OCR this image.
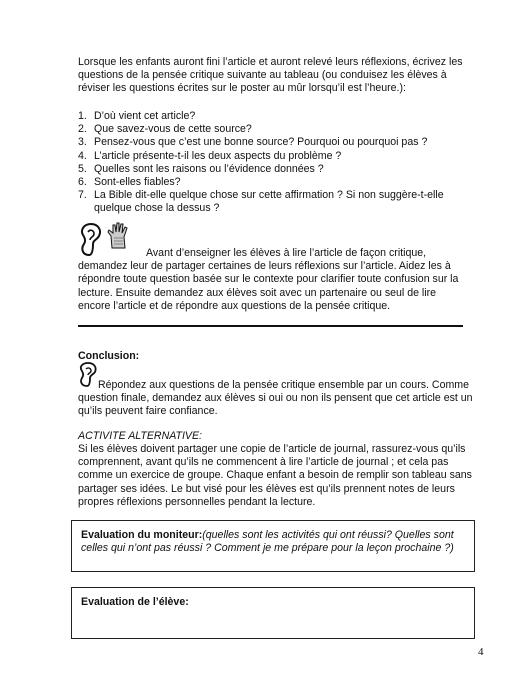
Lorsque les enfants auront fini l’article et auront relevé leurs réflexions, écrivez les questions de la pensée critique suivante au tableau (ou conduisez les élèves à réviser les questions écrites sur le poster au mûr lorsqu’il est l’heure.):

1. D’où vient cet article?
2. Que savez-vous de cette source?
3. Pensez-vous que c’est une bonne source? Pourquoi ou pourquoi pas ?
4. L’article présente-t-il les deux aspects du problème ?
5. Quelles sont les raisons ou l’évidence données ?
6. Sont-elles fiables?
7. La Bible dit-elle quelque chose sur cette affirmation ? Si non suggère-t-elle quelque chose la dessus ?

Avant d’enseigner les élèves à lire l’article de façon critique, demandez leur de partager certaines de leurs réflexions sur l’article. Aidez les à répondre toute question basée sur le contexte pour clarifier toute confusion sur la lecture. Ensuite demandez aux élèves soit avec un partenaire ou seul de lire encore l’article et de répondre aux questions de la pensée critique.

Conclusion:

Répondez aux questions de la pensée critique ensemble par un cours. Comme question finale, demandez aux élèves si oui ou non ils pensent que cet article est un qu’ils peuvent faire confiance.

ACTIVITE ALTERNATIVE:

Si les élèves doivent partager une copie de l’article de journal, rassurez-vous qu’ils comprennent, avant qu’ils ne commencent à lire l’article de journal ; et cela pas comme un exercice de groupe. Chaque enfant a besoin de remplir son tableau sans partager ses idées. Le but visé pour les élèves est qu’ils prennent notes de leurs propres réflexions personnelles pendant la lecture.

Evaluation du moniteur:(quelles sont les activités qui ont réussi? Quelles sont celles qui n’ont pas réussi ? Comment je me prépare pour la leçon prochaine ?)
Evaluation de l’élève:

4
